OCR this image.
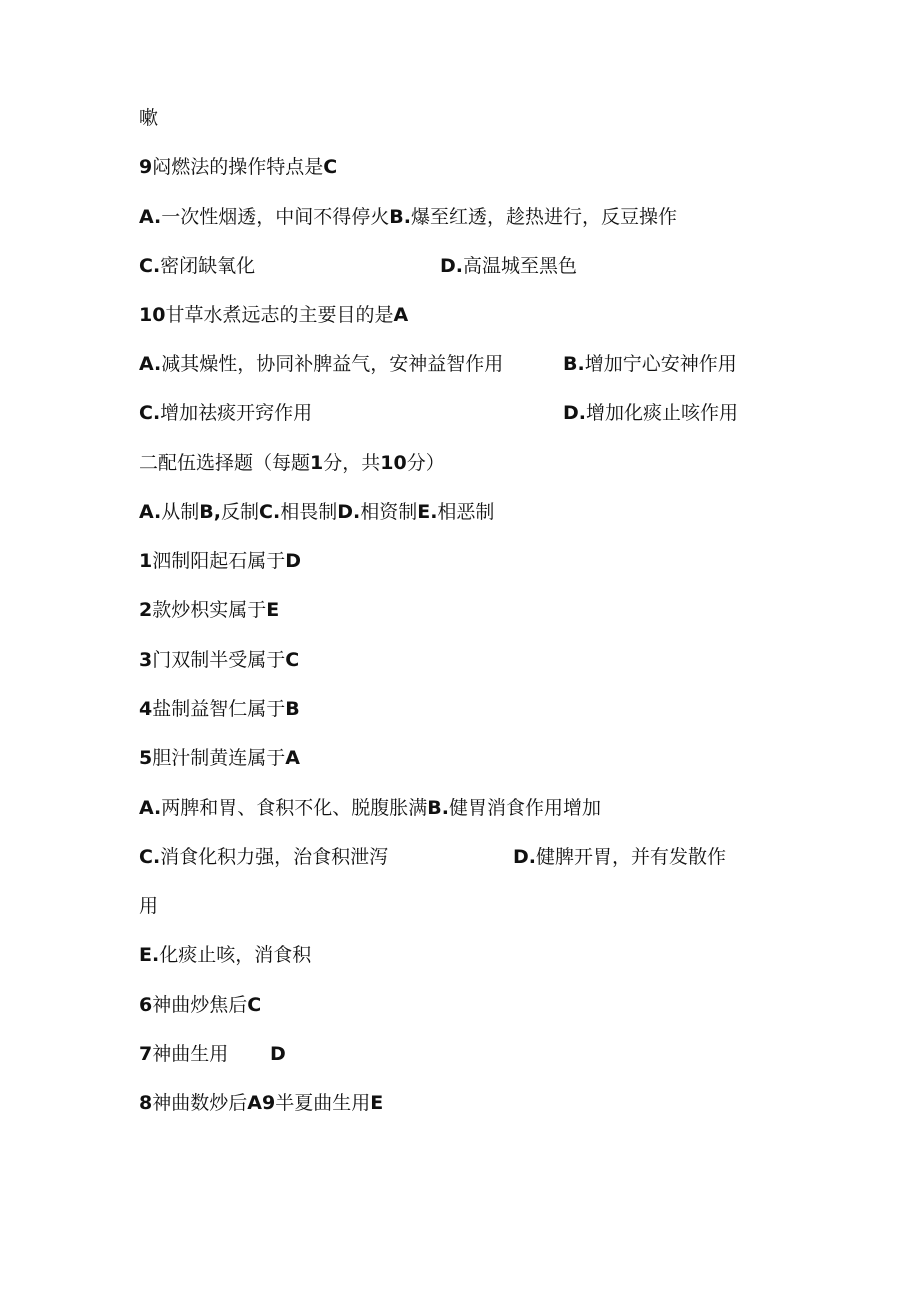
嗽
9闷燃法的操作特点是C
A.一次性烟透，中间不得停火B.爆至红透，趁热进行，反豆操作
C.密闭缺氧化	D.高温城至黑色
10甘草水煮远志的主要目的是A
A.减其燥性，协同补脾益气，安神益智作用	B.增加宁心安神作用
C.增加祛痰开窍作用	D.增加化痰止咳作用
二配伍选择题（每题1分，共10分）
A.从制B,反制C.相畏制D.相资制E.相恶制
1泗制阳起石属于D
2款炒枳实属于E
3门双制半受属于C
4盐制益智仁属于B
5胆汁制黄连属于A
A.两脾和胃、食积不化、脱腹胀满B.健胃消食作用增加
C.消食化积力强，治食积泄泻	D.健脾开胃，并有发散作
用
E.化痰止咳，消食积
6神曲炒焦后C
7神曲生用 D
8神曲数炒后A9半夏曲生用E
